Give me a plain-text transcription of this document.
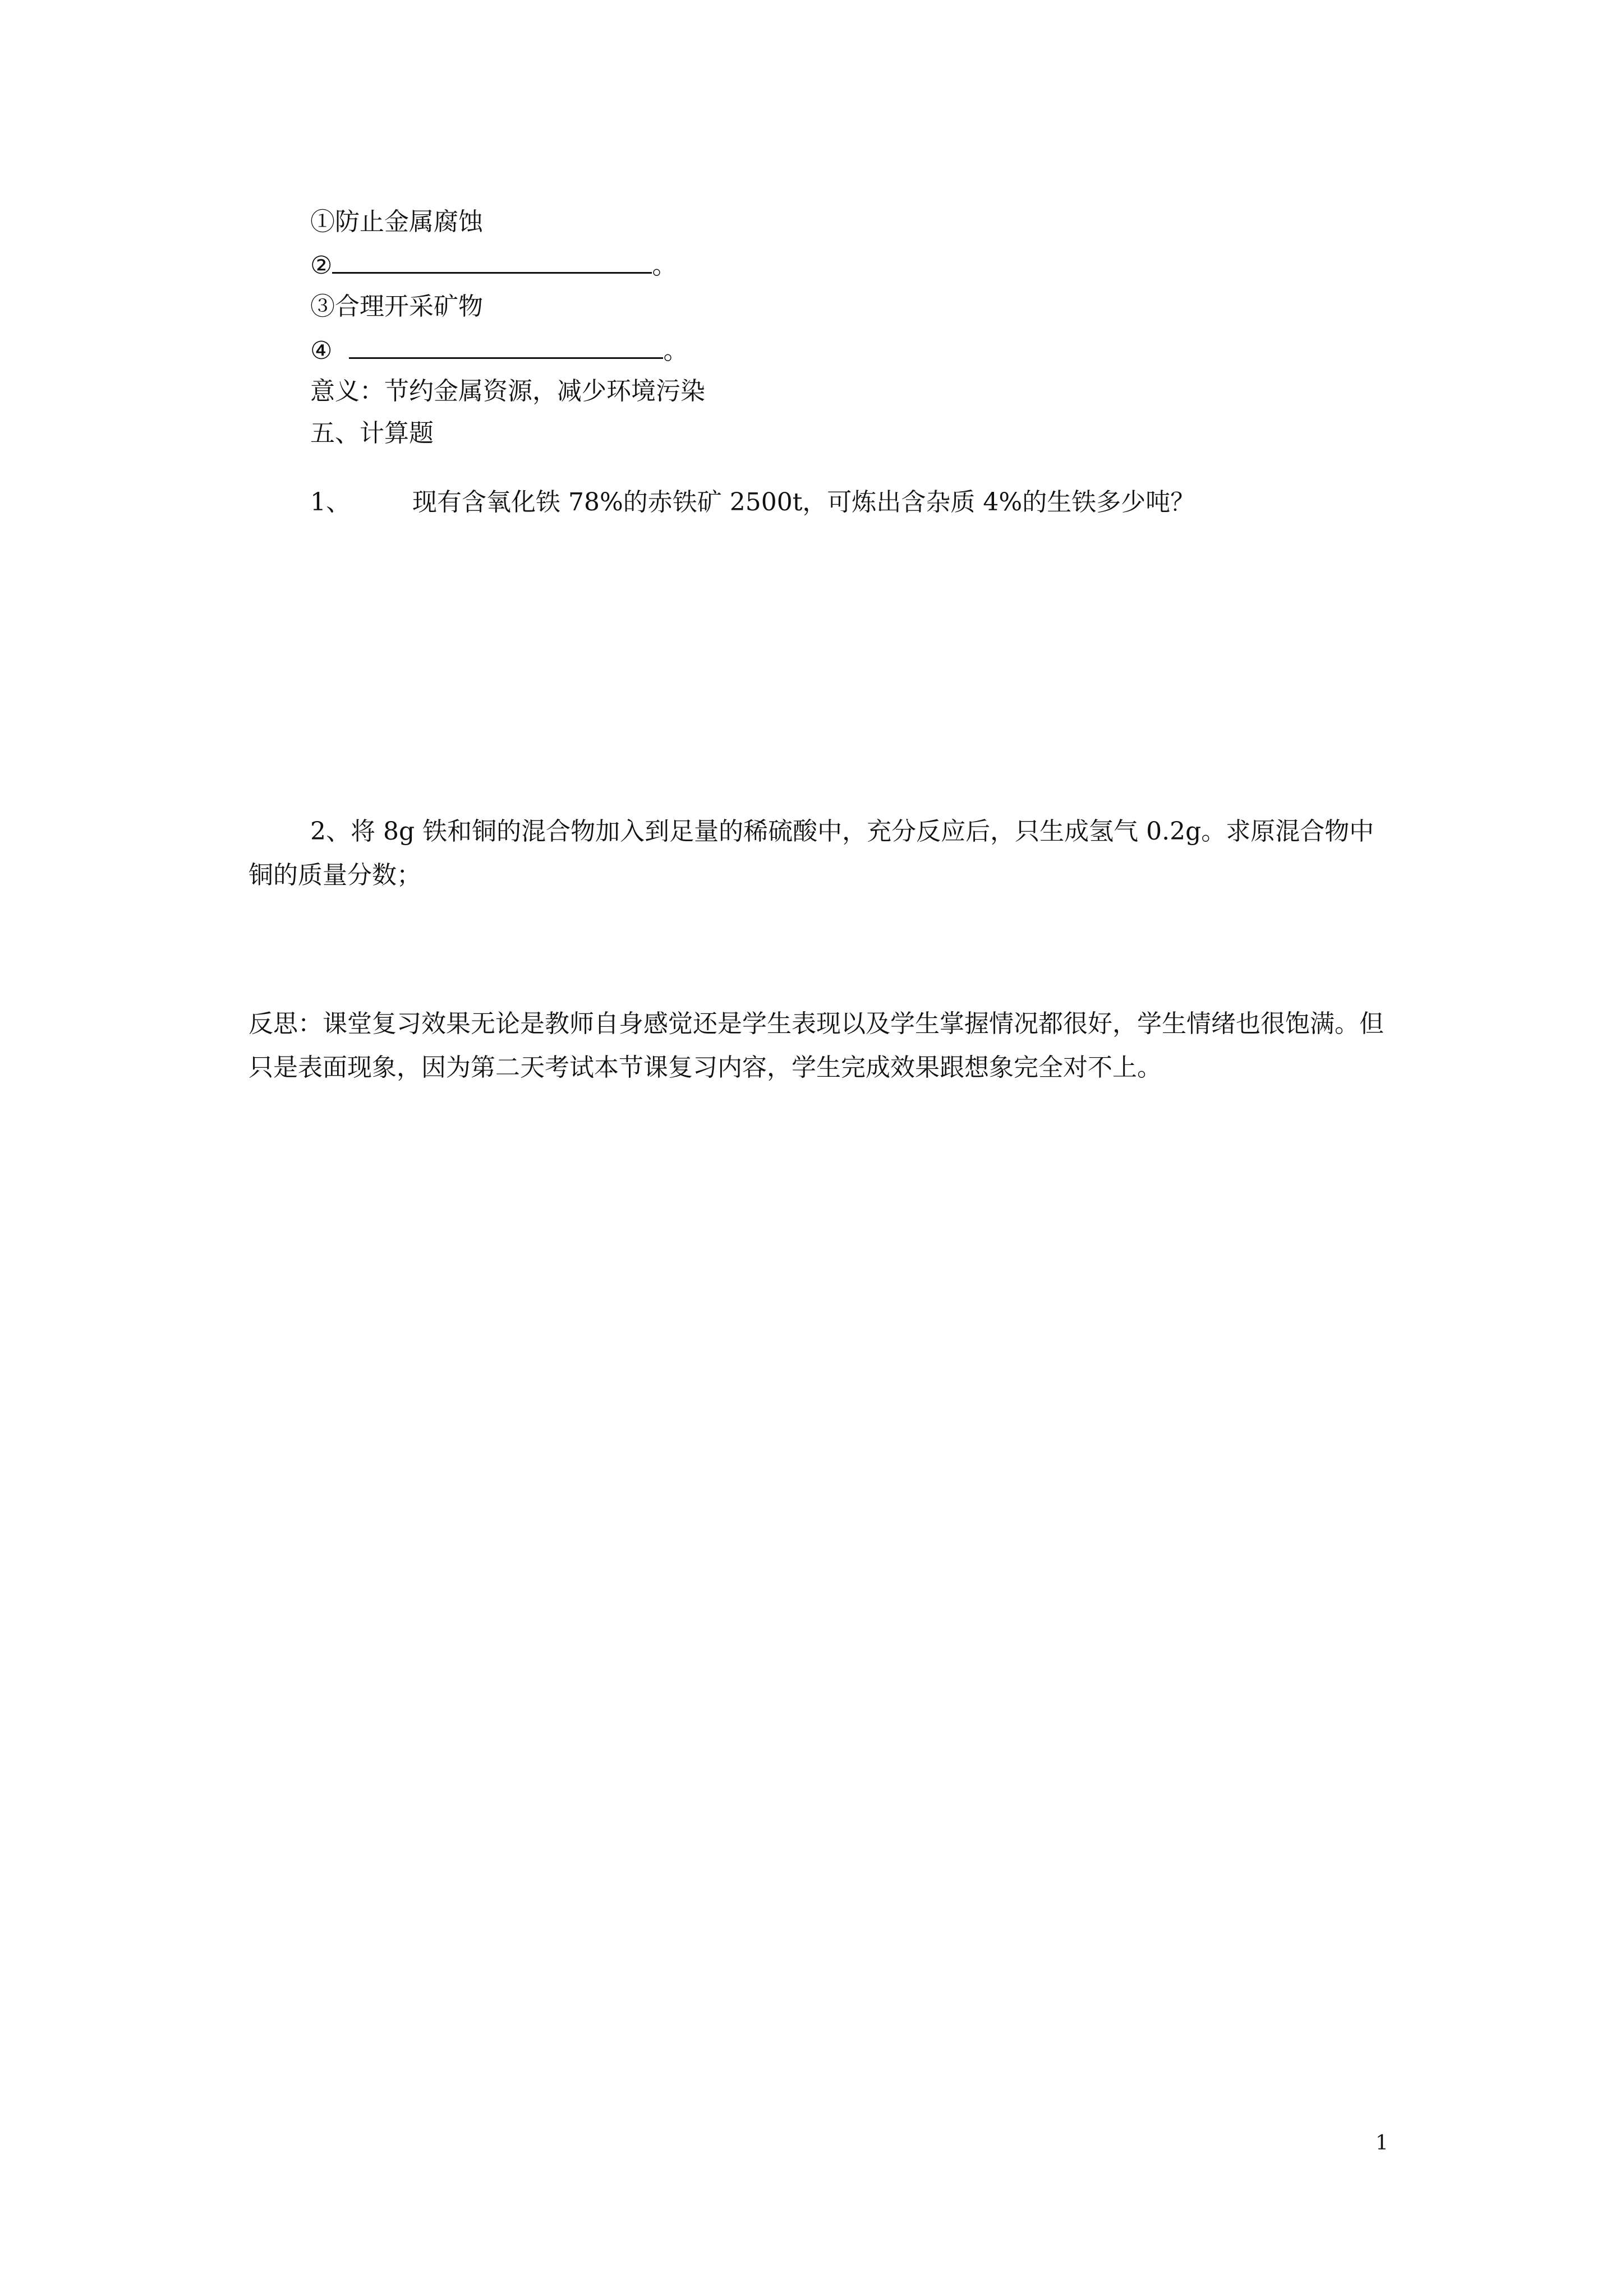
①防止金属腐蚀
②	。
③合理开采矿物
④	。
意义：节约金属资源，减少环境污染
五、计算题
1、	现有含氧化铁 78%的赤铁矿 2500t，可炼出含杂质 4%的生铁多少吨？
2、将 8g 铁和铜的混合物加入到足量的稀硫酸中，充分反应后，只生成氢气 0.2g。求原混合物中铜的质量分数；
反思：课堂复习效果无论是教师自身感觉还是学生表现以及学生掌握情况都很好，学生情绪也很饱满。但只是表面现象，因为第二天考试本节课复习内容，学生完成效果跟想象完全对不上。
1
